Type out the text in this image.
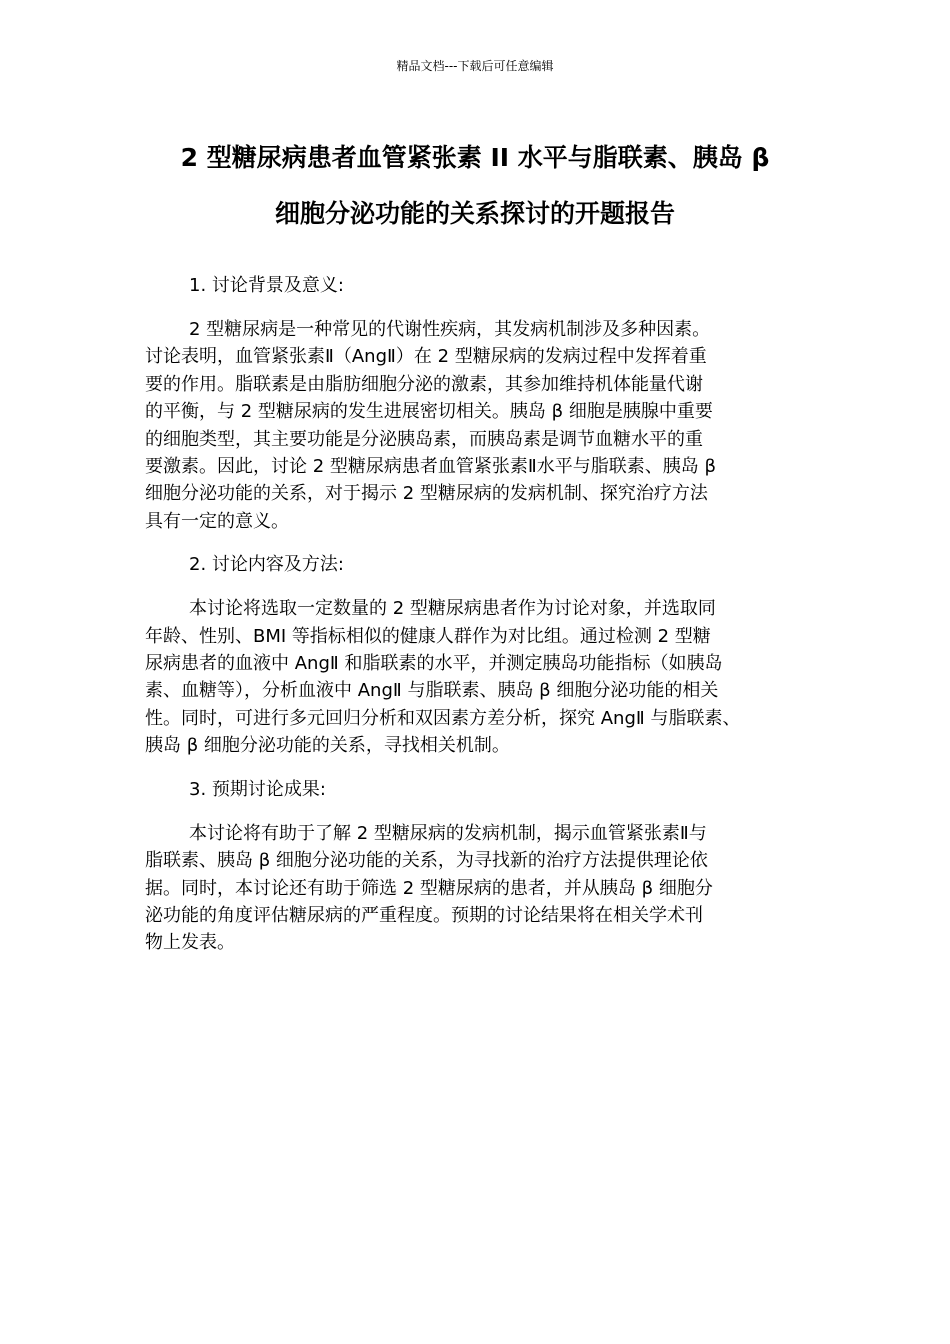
精品文档---下载后可任意编辑
2 型糖尿病患者血管紧张素 II 水平与脂联素、胰岛 β
细胞分泌功能的关系探讨的开题报告
1. 讨论背景及意义:

2 型糖尿病是一种常见的代谢性疾病，其发病机制涉及多种因素。
讨论表明，血管紧张素Ⅱ（AngⅡ）在 2 型糖尿病的发病过程中发挥着重
要的作用。脂联素是由脂肪细胞分泌的激素，其参加维持机体能量代谢
的平衡，与 2 型糖尿病的发生进展密切相关。胰岛 β 细胞是胰腺中重要
的细胞类型，其主要功能是分泌胰岛素，而胰岛素是调节血糖水平的重
要激素。因此，讨论 2 型糖尿病患者血管紧张素Ⅱ水平与脂联素、胰岛 β
细胞分泌功能的关系，对于揭示 2 型糖尿病的发病机制、探究治疗方法
具有一定的意义。

2. 讨论内容及方法:

本讨论将选取一定数量的 2 型糖尿病患者作为讨论对象，并选取同
年龄、性别、BMI 等指标相似的健康人群作为对比组。通过检测 2 型糖
尿病患者的血液中 AngⅡ 和脂联素的水平，并测定胰岛功能指标（如胰岛
素、血糖等），分析血液中 AngⅡ 与脂联素、胰岛 β 细胞分泌功能的相关
性。同时，可进行多元回归分析和双因素方差分析，探究 AngⅡ 与脂联素、
胰岛 β 细胞分泌功能的关系，寻找相关机制。

3. 预期讨论成果:

本讨论将有助于了解 2 型糖尿病的发病机制，揭示血管紧张素Ⅱ与
脂联素、胰岛 β 细胞分泌功能的关系，为寻找新的治疗方法提供理论依
据。同时，本讨论还有助于筛选 2 型糖尿病的患者，并从胰岛 β 细胞分
泌功能的角度评估糖尿病的严重程度。预期的讨论结果将在相关学术刊
物上发表。
